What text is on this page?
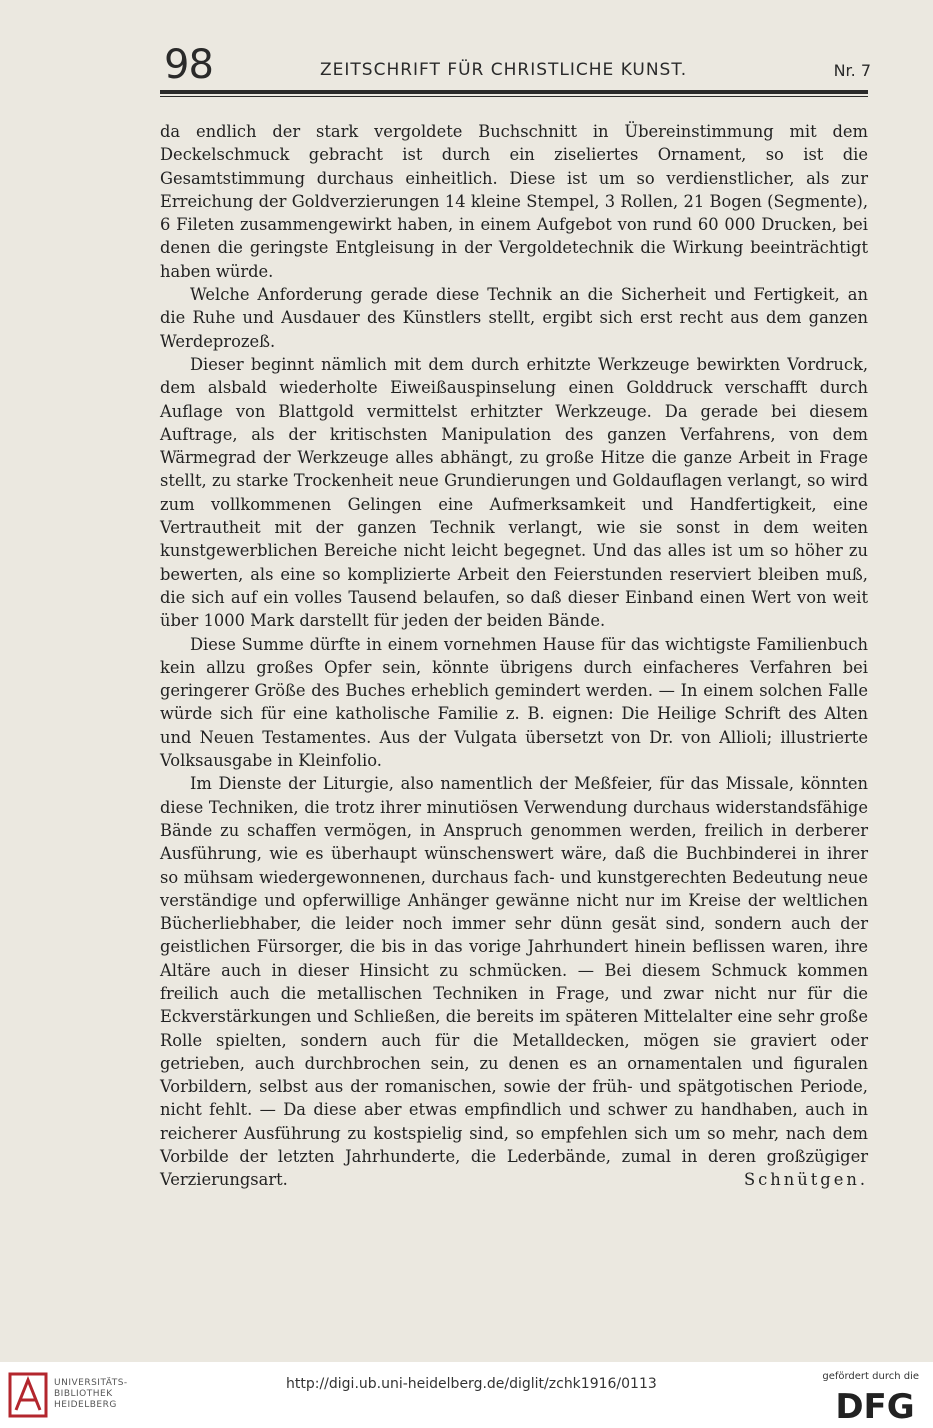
98	ZEITSCHRIFT FÜR CHRISTLICHE KUNST.	Nr. 7

da endlich der stark vergoldete Buchschnitt in Übereinstimmung mit dem Deckelschmuck gebracht ist durch ein ziseliertes Ornament, so ist die Gesamtstimmung durchaus einheitlich. Diese ist um so verdienstlicher, als zur Erreichung der Goldverzierungen 14 kleine Stempel, 3 Rollen, 21 Bogen (Segmente), 6 Fileten zusammengewirkt haben, in einem Aufgebot von rund 60 000 Drucken, bei denen die geringste Entgleisung in der Vergoldetechnik die Wirkung beeinträchtigt haben würde.

Welche Anforderung gerade diese Technik an die Sicherheit und Fertigkeit, an die Ruhe und Ausdauer des Künstlers stellt, ergibt sich erst recht aus dem ganzen Werdeprozeß.

Dieser beginnt nämlich mit dem durch erhitzte Werkzeuge bewirkten Vordruck, dem alsbald wiederholte Eiweißauspinselung einen Golddruck verschafft durch Auflage von Blattgold vermittelst erhitzter Werkzeuge. Da gerade bei diesem Auftrage, als der kritischsten Manipulation des ganzen Verfahrens, von dem Wärmegrad der Werkzeuge alles abhängt, zu große Hitze die ganze Arbeit in Frage stellt, zu starke Trockenheit neue Grundierungen und Goldauflagen verlangt, so wird zum vollkommenen Gelingen eine Aufmerksamkeit und Handfertigkeit, eine Vertrautheit mit der ganzen Technik verlangt, wie sie sonst in dem weiten kunstgewerblichen Bereiche nicht leicht begegnet. Und das alles ist um so höher zu bewerten, als eine so komplizierte Arbeit den Feierstunden reserviert bleiben muß, die sich auf ein volles Tausend belaufen, so daß dieser Einband einen Wert von weit über 1000 Mark darstellt für jeden der beiden Bände.

Diese Summe dürfte in einem vornehmen Hause für das wichtigste Familienbuch kein allzu großes Opfer sein, könnte übrigens durch einfacheres Verfahren bei geringerer Größe des Buches erheblich gemindert werden. — In einem solchen Falle würde sich für eine katholische Familie z. B. eignen: Die Heilige Schrift des Alten und Neuen Testamentes. Aus der Vulgata übersetzt von Dr. von Allioli; illustrierte Volksausgabe in Kleinfolio.

Im Dienste der Liturgie, also namentlich der Meßfeier, für das Missale, könnten diese Techniken, die trotz ihrer minutiösen Verwendung durchaus widerstandsfähige Bände zu schaffen vermögen, in Anspruch genommen werden, freilich in derberer Ausführung, wie es überhaupt wünschenswert wäre, daß die Buchbinderei in ihrer so mühsam wiedergewonnenen, durchaus fach- und kunstgerechten Bedeutung neue verständige und opferwillige Anhänger gewänne nicht nur im Kreise der weltlichen Bücherliebhaber, die leider noch immer sehr dünn gesät sind, sondern auch der geistlichen Fürsorger, die bis in das vorige Jahrhundert hinein beflissen waren, ihre Altäre auch in dieser Hinsicht zu schmücken. — Bei diesem Schmuck kommen freilich auch die metallischen Techniken in Frage, und zwar nicht nur für die Eckverstärkungen und Schließen, die bereits im späteren Mittelalter eine sehr große Rolle spielten, sondern auch für die Metalldecken, mögen sie graviert oder getrieben, auch durchbrochen sein, zu denen es an ornamentalen und figuralen Vorbildern, selbst aus der romanischen, sowie der früh- und spätgotischen Periode, nicht fehlt. — Da diese aber etwas empfindlich und schwer zu handhaben, auch in reicherer Ausführung zu kostspielig sind, so empfehlen sich um so mehr, nach dem Vorbilde der letzten Jahrhunderte, die Lederbände, zumal in deren großzügiger Verzierungsart.	Schnütgen.

UNIVERSITÄTS-
BIBLIOTHEK
HEIDELBERG
http://digi.ub.uni-heidelberg.de/diglit/zchk1916/0113	gefördert durch die
DFG
